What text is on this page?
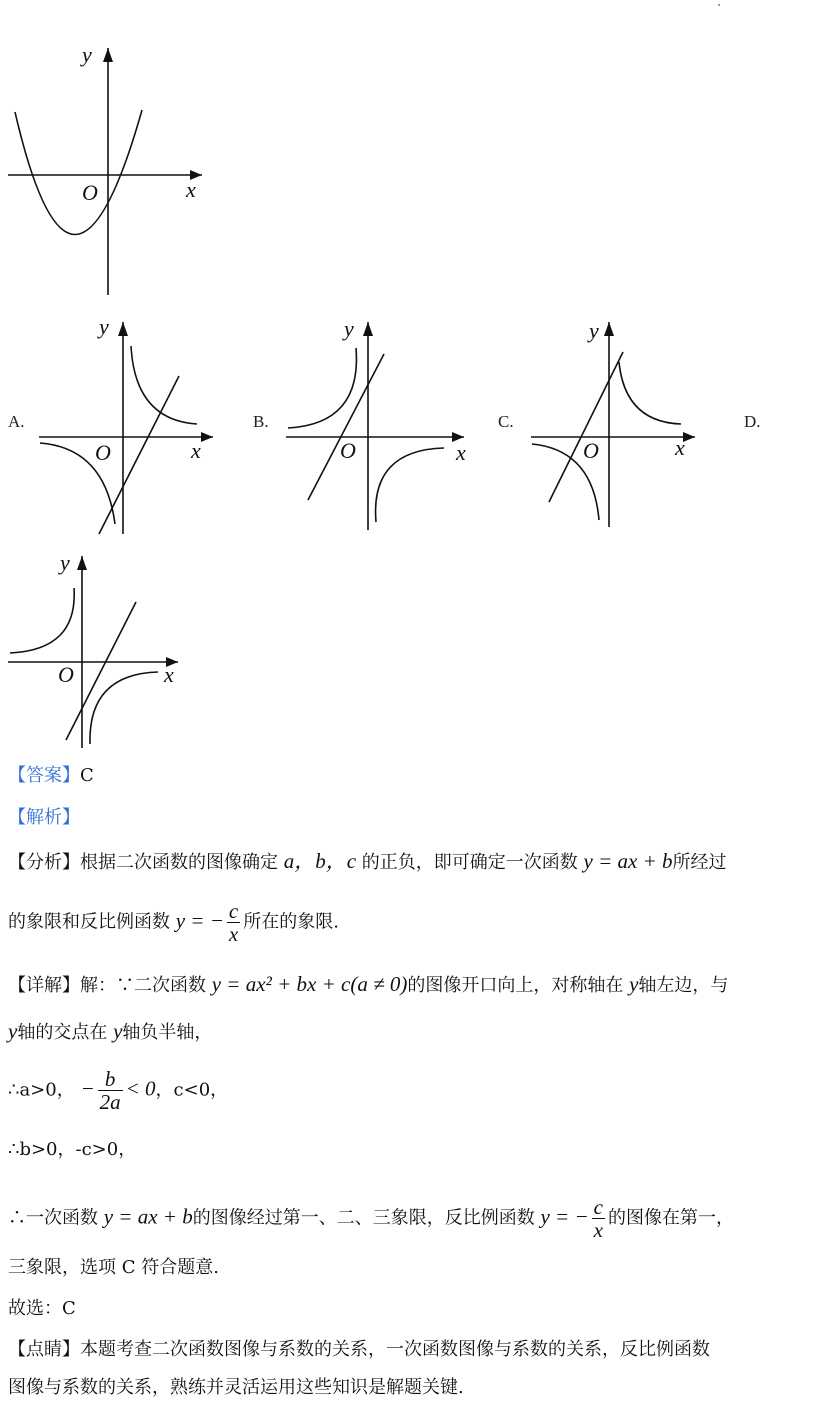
y
x
O
A.
y
x
O
B.
y
x
O
C.
y
x
O
D.
y
x
O
【答案】C
【解析】
【分析】根据二次函数的图像确定 a，b，c 的正负，即可确定一次函数 y = ax + b所经过
的象限和反比例函数 y = − $\frac{c}{x}$ 所在的象限.
【详解】解：∵二次函数 y = ax² + bx + c(a ≠ 0)的图像开口向上，对称轴在 y轴左边，与
y轴的交点在 y轴负半轴，
∴a>0， − $\frac{b}{2a} < 0$，c<0，
∴b>0，-c>0，
∴一次函数 y = ax + b的图像经过第一、二、三象限，反比例函数 y = − $\frac{c}{x}$ 的图像在第一，
三象限，选项 C 符合题意.
故选：C
【点睛】本题考查二次函数图像与系数的关系，一次函数图像与系数的关系，反比例函数
图像与系数的关系，熟练并灵活运用这些知识是解题关键.
